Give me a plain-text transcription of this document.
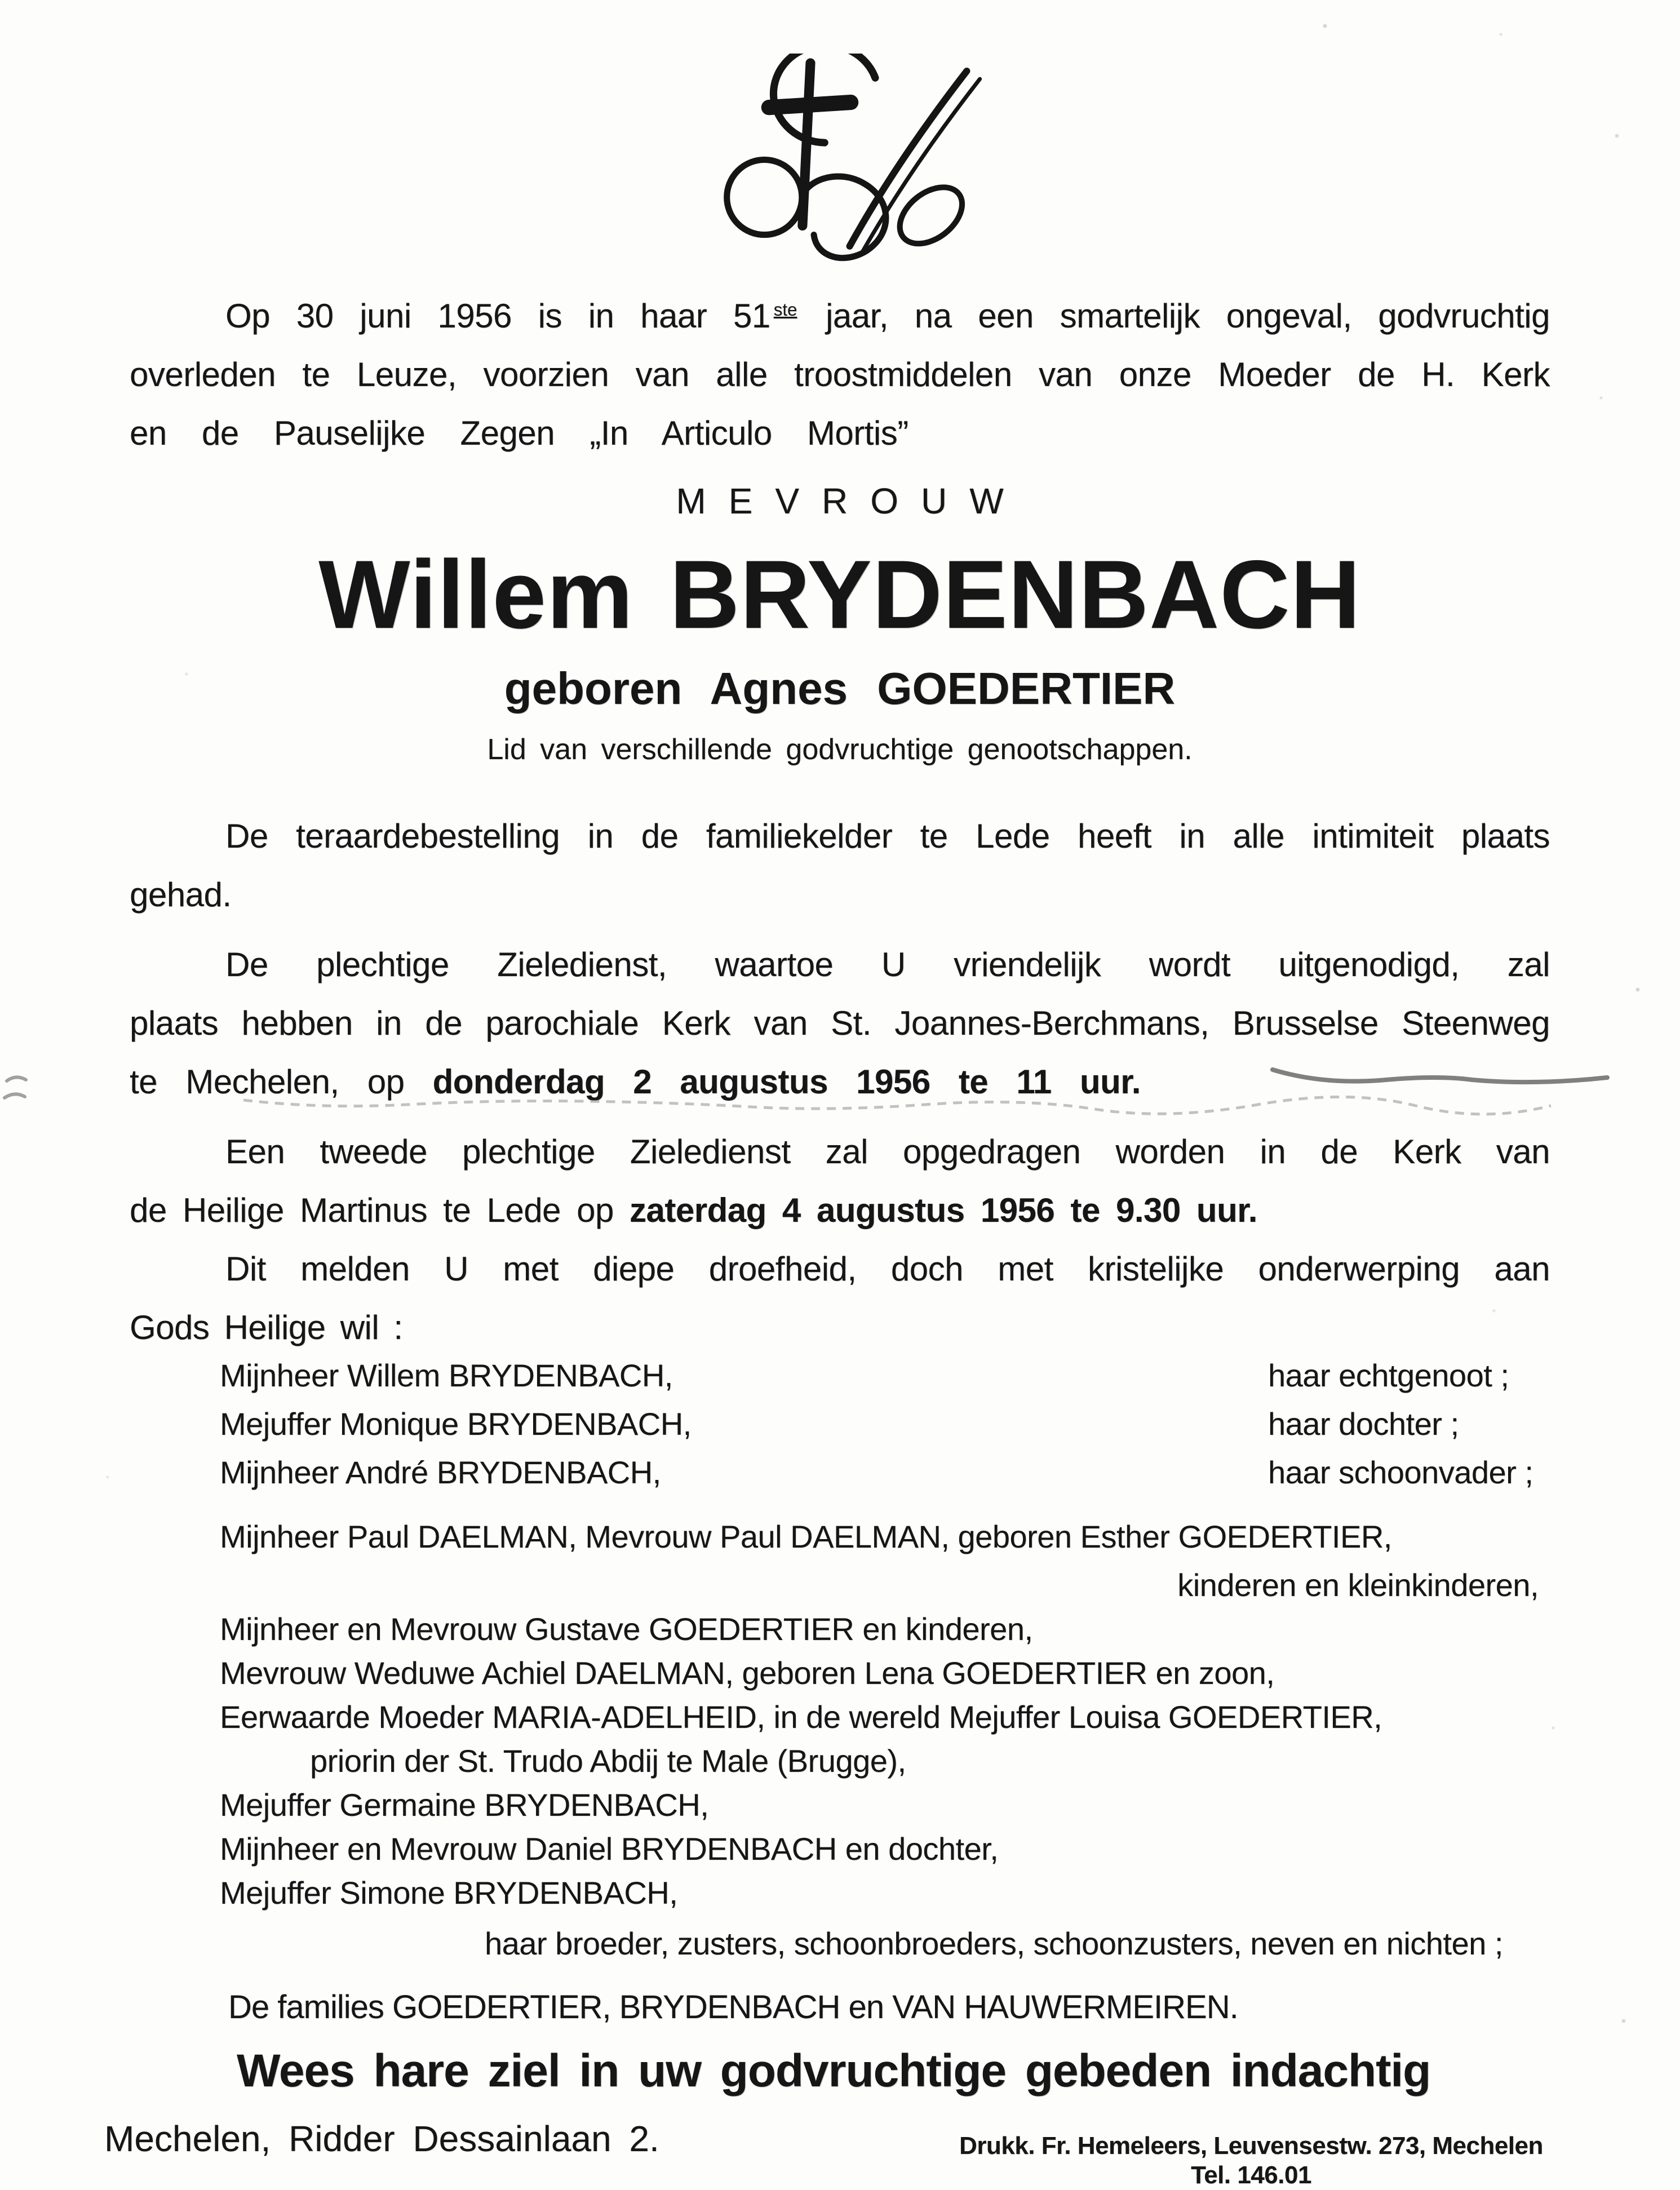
Op 30 juni 1956 is in haar 51 $^{ste}$ jaar, na een smartelijk ongeval, godvruchtig
overleden te Leuze, voorzien van alle troostmiddelen van onze Moeder de H. Kerk
en de Pauselijke Zegen „In Articulo Mortis”
MEVROUW
Willem BRYDENBACH
geboren Agnes GOEDERTIER
Lid van verschillende godvruchtige genootschappen.
De teraardebestelling in de familiekelder te Lede heeft in alle intimiteit plaats
gehad.
De plechtige Zieledienst, waartoe U vriendelijk wordt uitgenodigd, zal
plaats hebben in de parochiale Kerk van St. Joannes-Berchmans, Brusselse Steenweg
te Mechelen, op donderdag 2 augustus 1956 te 11 uur.
Een tweede plechtige Zieledienst zal opgedragen worden in de Kerk van
de Heilige Martinus te Lede op zaterdag 4 augustus 1956 te 9.30 uur.
Dit melden U met diepe droefheid, doch met kristelijke onderwerping aan
Gods Heilige wil :
Mijnheer Willem BRYDENBACH,	haar echtgenoot ;
Mejuffer Monique BRYDENBACH,	haar dochter ;
Mijnheer André BRYDENBACH,	haar schoonvader ;
Mijnheer Paul DAELMAN, Mevrouw Paul DAELMAN, geboren Esther GOEDERTIER,
kinderen en kleinkinderen,
Mijnheer en Mevrouw Gustave GOEDERTIER en kinderen,
Mevrouw Weduwe Achiel DAELMAN, geboren Lena GOEDERTIER en zoon,
Eerwaarde Moeder MARIA-ADELHEID, in de wereld Mejuffer Louisa GOEDERTIER,
priorin der St. Trudo Abdij te Male (Brugge),
Mejuffer Germaine BRYDENBACH,
Mijnheer en Mevrouw Daniel BRYDENBACH en dochter,
Mejuffer Simone BRYDENBACH,
haar broeder, zusters, schoonbroeders, schoonzusters, neven en nichten ;
De families GOEDERTIER, BRYDENBACH en VAN HAUWERMEIREN.
Wees hare ziel in uw godvruchtige gebeden indachtig
Mechelen, Ridder Dessainlaan 2.	Drukk. Fr. Hemeleers, Leuvensestw. 273, Mechelen
Tel. 146.01
